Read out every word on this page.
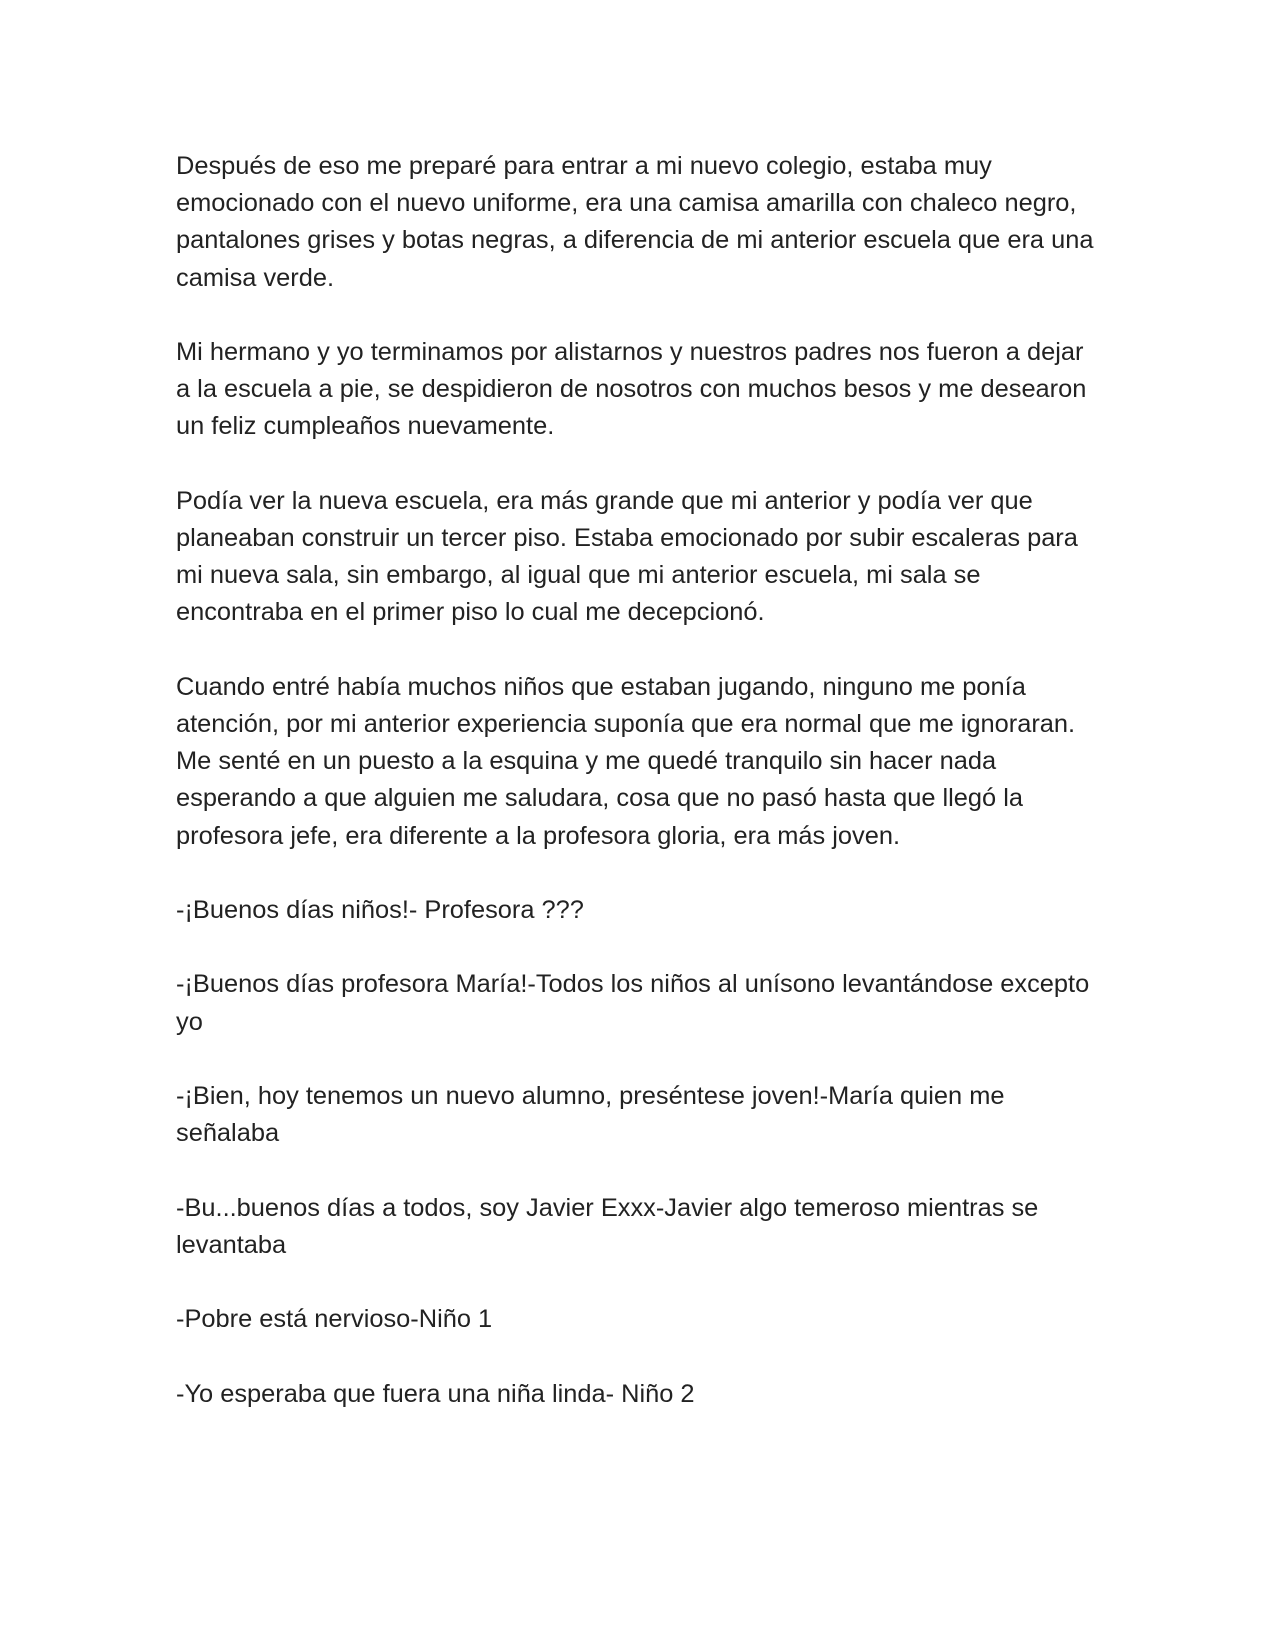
Después de eso me preparé para entrar a mi nuevo colegio, estaba muy emocionado con el nuevo uniforme, era una camisa amarilla con chaleco negro, pantalones grises y botas negras, a diferencia de mi anterior escuela que era una camisa verde.

Mi hermano y yo terminamos por alistarnos y nuestros padres nos fueron a dejar a la escuela a pie, se despidieron de nosotros con muchos besos y me desearon un feliz cumpleaños nuevamente.

Podía ver la nueva escuela, era más grande que mi anterior y podía ver que planeaban construir un tercer piso. Estaba emocionado por subir escaleras para mi nueva sala, sin embargo, al igual que mi anterior escuela, mi sala se encontraba en el primer piso lo cual me decepcionó.

Cuando entré había muchos niños que estaban jugando, ninguno me ponía atención, por mi anterior experiencia suponía que era normal que me ignoraran. Me senté en un puesto a la esquina y me quedé tranquilo sin hacer nada esperando a que alguien me saludara, cosa que no pasó hasta que llegó la profesora jefe, era diferente a la profesora gloria, era más joven.

-¡Buenos días niños!- Profesora ???

-¡Buenos días profesora María!-Todos los niños al unísono levantándose excepto yo

-¡Bien, hoy tenemos un nuevo alumno, preséntese joven!-María quien me señalaba

-Bu...buenos días a todos, soy Javier Exxx-Javier algo temeroso mientras se levantaba

-Pobre está nervioso-Niño 1

-Yo esperaba que fuera una niña linda- Niño 2
